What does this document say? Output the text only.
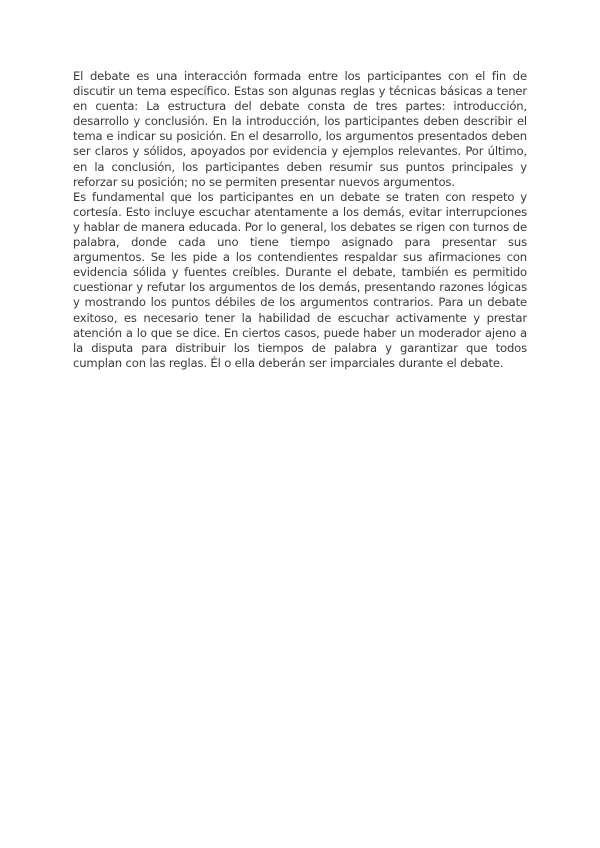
El debate es una interacción formada entre los participantes con el fin de discutir un tema específico. Estas son algunas reglas y técnicas básicas a tener en cuenta: La estructura del debate consta de tres partes: introducción, desarrollo y conclusión. En la introducción, los participantes deben describir el tema e indicar su posición. En el desarrollo, los argumentos presentados deben ser claros y sólidos, apoyados por evidencia y ejemplos relevantes. Por último, en la conclusión, los participantes deben resumir sus puntos principales y reforzar su posición; no se permiten presentar nuevos argumentos.

Es fundamental que los participantes en un debate se traten con respeto y cortesía. Esto incluye escuchar atentamente a los demás, evitar interrupciones y hablar de manera educada. Por lo general, los debates se rigen con turnos de palabra, donde cada uno tiene tiempo asignado para presentar sus argumentos. Se les pide a los contendientes respaldar sus afirmaciones con evidencia sólida y fuentes creíbles. Durante el debate, también es permitido cuestionar y refutar los argumentos de los demás, presentando razones lógicas y mostrando los puntos débiles de los argumentos contrarios. Para un debate exitoso, es necesario tener la habilidad de escuchar activamente y prestar atención a lo que se dice. En ciertos casos, puede haber un moderador ajeno a la disputa para distribuir los tiempos de palabra y garantizar que todos cumplan con las reglas. Él o ella deberán ser imparciales durante el debate.
